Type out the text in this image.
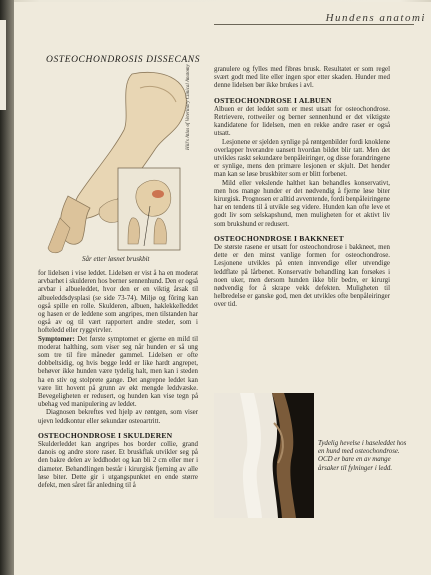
Hundens anatomi
OSTEOCHONDROSIS DISSECANS
Hill's Atlas of Veterinary Clinical Anatomy
Sår etter løsnet bruskbit

for lidelsen i vise leddet. Lidelsen er vist å ha en moderat arvbarhet i skulderen hos berner sennenhund. Den er også arvbar i albueleddet, hvor den er en viktig årsak til albueleddsdysplasi (se side 73-74). Miljø og fôring kan også spille en rolle. Skulderen, albuen, haklekkelleddet og hasen er de leddene som angripes, men tilstanden har også av og til vært rapportert andre steder, som i hofteledd eller ryggvirvler.

Symptomer: Det første symptomet er gjerne en mild til moderat halthing, som viser seg når hunden er så ung som tre til fire måneder gammel. Lidelsen er ofte dobbeltsidig, og hvis begge ledd er like hardt angrepet, behøver ikke hunden være tydelig halt, men kan i steden ha en stiv og stolprete gange. Det angrepne leddet kan være litt hovent på grunn av økt mengde leddvæske. Bevegeligheten er redusert, og hunden kan vise tegn på ubehag ved manipulering av leddet.

Diagnosen bekreftes ved hjelp av røntgen, som viser ujevn leddkontur eller sekundær osteoartritt.

OSTEOCHONDROSE I SKULDEREN

Skulderleddet kan angripes hos border collie, grand danois og andre store raser. Et bruskflak utvikler seg på den bakre delen av leddhodet og kan bli 2 cm eller mer i diameter. Behandlingen består i kirurgisk fjerning av alle løse biter. Dette gir i utgangspunktet en ende større defekt, men såret får anledning til å

granulere og fylles med fibrøs brusk. Resultatet er som regel svært godt med lite eller ingen spor etter skaden. Hunder med denne lidelsen bør ikke brukes i avl.

OSTEOCHONDROSE I ALBUEN

Albuen er det leddet som er mest utsatt for osteochondrose. Retrievere, rottweiler og berner sennenhund er det viktigste kandidatene for lidelsen, men en rekke andre raser er også utsatt.

Lesjonene er sjelden synlige på røntgenbilder fordi knoklene overlapper hverandre uansett hvordan bildet blir tatt. Men det utvikles raskt sekundære benpåleiringer, og disse forandringene er synlige, mens den primære lesjonen er skjult. Det hender man kan se løse bruskbiter som er blitt forbenet.

Mild eller vekslende halthet kan behandles konservativt, men hos mange hunder er det nødvendig å fjerne løse biter kirurgisk. Prognosen er alltid avventende, fordi benpåleiringene har en tendens til å utvikle seg videre. Hunden kan ofte leve et godt liv som selskapshund, men muligheten for et aktivt liv som brukshund er redusert.

OSTEOCHONDROSE I BAKKNEET

De største rasene er utsatt for osteochondrose i bakkneet, men dette er den minst vanlige formen for osteochondrose. Lesjonene utvikles på enten innvendige eller utvendige leddflate på lårbenet. Konservativ behandling kan forsøkes i noen uker, men dersom hunden ikke blir bedre, er kirurgi nødvendig for å skrape vekk defekten. Muligheten til helbredelse er ganske god, men det utvikles ofte benpåleiringer over tid.

Tydelig hevelse i haseleddet hos en hund med osteochondrose. OCD er bare en av mange årsaker til fylninger i ledd.
